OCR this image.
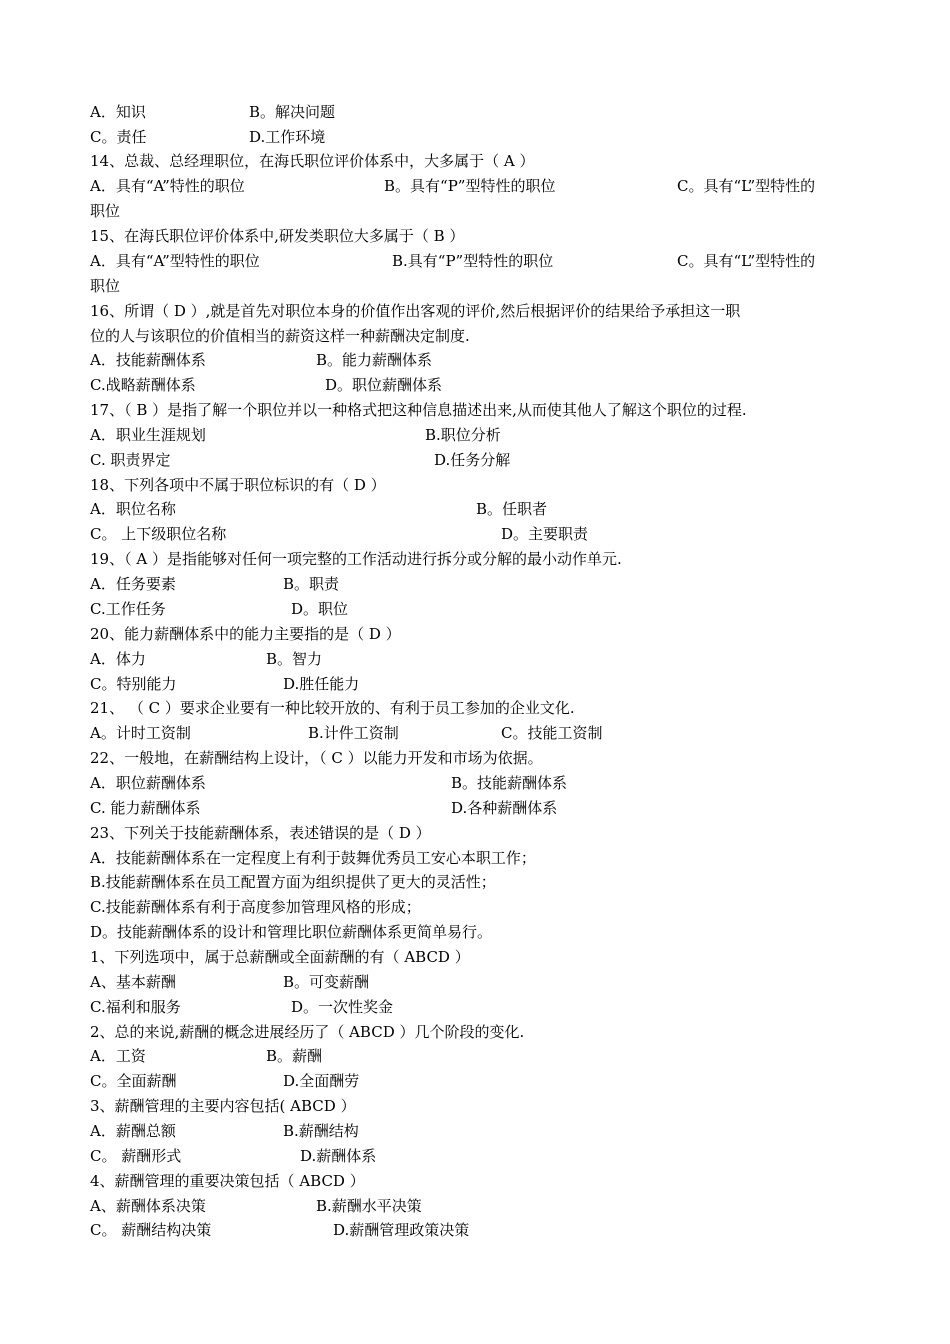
A．知识	B。解决问题
C。责任	D.工作环境
14、总裁、总经理职位，在海氏职位评价体系中，大多属于（ A ）
A．具有“A”特性的职位	B。具有“P”型特性的职位	C。具有“L”型特性的
职位
15、在海氏职位评价体系中,研发类职位大多属于（ B ）
A．具有“A”型特性的职位	B.具有“P”型特性的职位	C。具有“L”型特性的
职位
16、所谓（ D ）,就是首先对职位本身的价值作出客观的评价,然后根据评价的结果给予承担这一职
位的人与该职位的价值相当的薪资这样一种薪酬决定制度.
A．技能薪酬体系	B。能力薪酬体系
C.战略薪酬体系	D。职位薪酬体系
17、（ B ）是指了解一个职位并以一种格式把这种信息描述出来,从而使其他人了解这个职位的过程.
A．职业生涯规划	B.职位分析
C. 职责界定	D.任务分解
18、下列各项中不属于职位标识的有（ D ）
A．职位名称	B。任职者
C。 上下级职位名称	D。主要职责
19、（ A ）是指能够对任何一项完整的工作活动进行拆分或分解的最小动作单元.
A．任务要素	B。职责
C.工作任务	D。职位
20、能力薪酬体系中的能力主要指的是（ D ）
A．体力	B。智力
C。特别能力	D.胜任能力
21、 （ C ）要求企业要有一种比较开放的、有利于员工参加的企业文化.
A。计时工资制	B.计件工资制	C。技能工资制
22、一般地，在薪酬结构上设计，（ C ）以能力开发和市场为依据。
A．职位薪酬体系	B。技能薪酬体系
C. 能力薪酬体系	D.各种薪酬体系
23、下列关于技能薪酬体系，表述错误的是（ D ）
A．技能薪酬体系在一定程度上有利于鼓舞优秀员工安心本职工作；
B.技能薪酬体系在员工配置方面为组织提供了更大的灵活性；
C.技能薪酬体系有利于高度参加管理风格的形成；
D。技能薪酬体系的设计和管理比职位薪酬体系更简单易行。
1、下列选项中，属于总薪酬或全面薪酬的有（ ABCD ）
A、基本薪酬	B。可变薪酬
C.福利和服务	D。一次性奖金
2、总的来说,薪酬的概念进展经历了（ ABCD ）几个阶段的变化.
A．工资	B。薪酬
C。全面薪酬	D.全面酬劳
3、薪酬管理的主要内容包括( ABCD ）
A．薪酬总额	B.薪酬结构
C。 薪酬形式	D.薪酬体系
4、薪酬管理的重要决策包括（ ABCD ）
A、薪酬体系决策	B.薪酬水平决策
C。 薪酬结构决策	D.薪酬管理政策决策
